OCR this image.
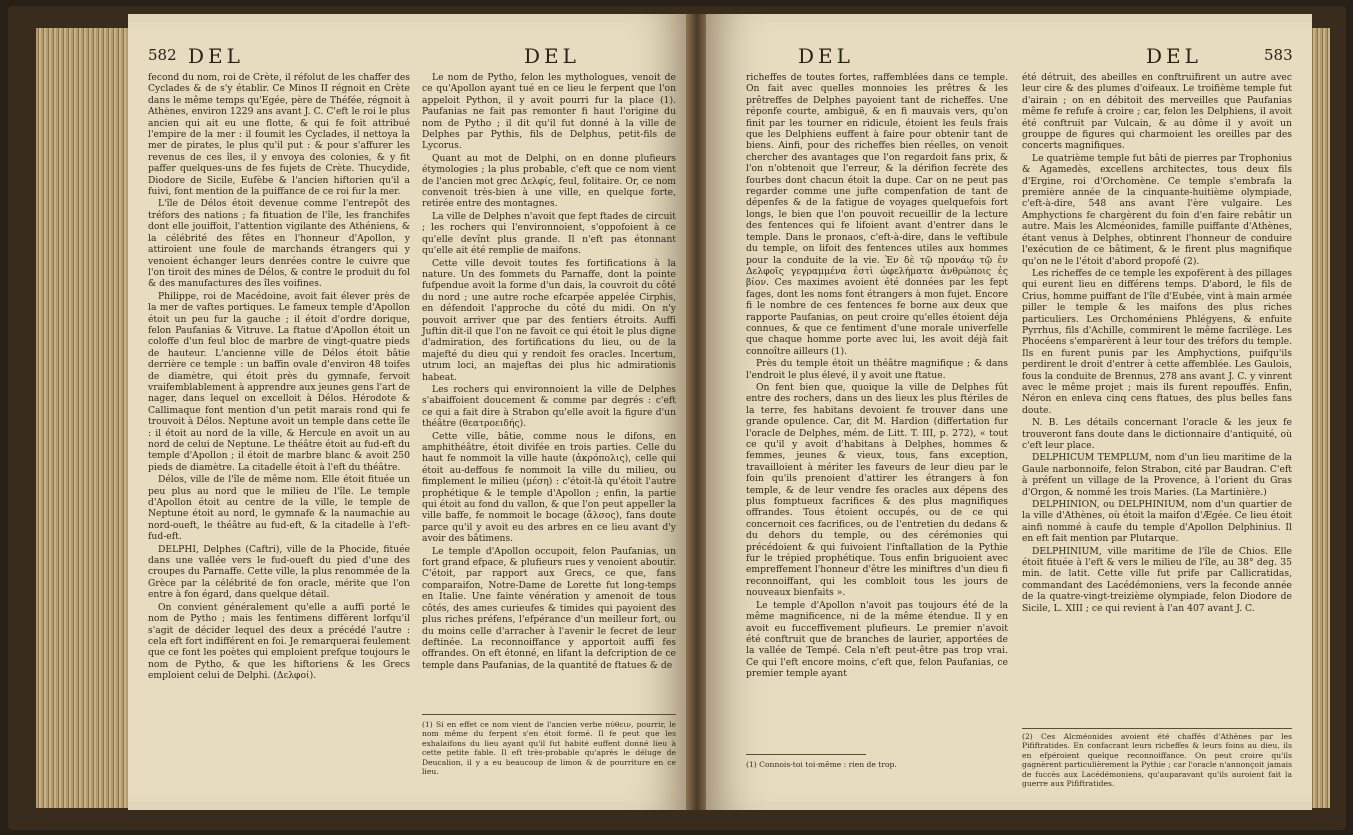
582 DEL	DEL

fecond du nom, roi de Crète, il réfolut de les chaffer des Cyclades & de s'y établir. Ce Minos II régnoit en Crète dans le même temps qu'Egée, père de Théfée, régnoit à Athènes, environ 1229 ans avant J. C. C'eft le roi le plus ancien qui ait eu une flotte, & qui fe foit attribué l'empire de la mer : il foumit les Cyclades, il nettoya la mer de pirates, le plus qu'il put : & pour s'affurer les revenus de ces îles, il y envoya des colonies, & y fit paffer quelques-uns de fes fujets de Crète. Thucydide, Diodore de Sicile, Eufèbe & l'ancien hiftorien qu'il a fuivi, font mention de la puiffance de ce roi fur la mer.

L'île de Délos étoit devenue comme l'entrepôt des tréfors des nations ; fa fituation de l'île, les franchifes dont elle jouiffoit, l'attention vigilante des Athéniens, & la célébrité des fêtes en l'honneur d'Apollon, y attiroient une foule de marchands étrangers qui y venoient échanger leurs denrées contre le cuivre que l'on tiroit des mines de Délos, & contre le produit du fol & des manufactures des îles voifines.

Philippe, roi de Macédoine, avoit fait élever près de la mer de vaftes portiques. Le fameux temple d'Apollon étoit un peu fur la gauche ; il étoit d'ordre dorique, felon Paufanias & Vitruve. La ftatue d'Apollon étoit un coloffe d'un feul bloc de marbre de vingt-quatre pieds de hauteur. L'ancienne ville de Délos étoit bâtie derrière ce temple : un baffin ovale d'environ 48 toifes de diamètre, qui étoit près du gymnafe, fervoit vraifemblablement à apprendre aux jeunes gens l'art de nager, dans lequel on excelloit à Délos. Hérodote & Callimaque font mention d'un petit marais rond qui fe trouvoit à Délos. Neptune avoit un temple dans cette île : il étoit au nord de la ville, & Hercule en avoit un au nord de celui de Neptune. Le théâtre étoit au fud-eft du temple d'Apollon ; il étoit de marbre blanc & avoit 250 pieds de diamètre. La citadelle étoit à l'eft du théâtre.

Délos, ville de l'île de même nom. Elle étoit fituée un peu plus au nord que le milieu de l'île. Le temple d'Apollon étoit au centre de la ville, le temple de Neptune étoit au nord, le gymnafe & la naumachie au nord-oueft, le théâtre au fud-eft, & la citadelle à l'eft-fud-eft.

DELPHI, Delphes (Caftri), ville de la Phocide, fituée dans une vallée vers le fud-oueft du pied d'une des croupes du Parnaffe. Cette ville, la plus renommée de la Grèce par la célébrité de fon oracle, mérite que l'on entre à fon égard, dans quelque détail.

On convient généralement qu'elle a auffi porté le nom de Pytho ; mais les fentimens diffèrent lorfqu'il s'agit de décider lequel des deux a précédé l'autre : cela eft fort indifférent en foi. Je remarquerai feulement que ce font les poètes qui emploient prefque toujours le nom de Pytho, & que les hiftoriens & les Grecs emploient celui de Delphi. (Δελφοί).

Le nom de Pytho, felon les mythologues, venoit de ce qu'Apollon ayant tué en ce lieu le ferpent que l'on appeloit Python, il y avoit pourri fur la place (1). Paufanias ne fait pas remonter fi haut l'origine du nom de Pytho ; il dit qu'il fut donné à la ville de Delphes par Pythis, fils de Delphus, petit-fils de Lycorus.

Quant au mot de Delphi, on en donne plufieurs étymologies ; la plus probable, c'eft que ce nom vient de l'ancien mot grec Δελφίς, feul, folitaire. Or, ce nom convenoit très-bien à une ville, en quelque forte, retirée entre des montagnes.

La ville de Delphes n'avoit que fept ftades de circuit ; les rochers qui l'environnoient, s'oppofoient à ce qu'elle devînt plus grande. Il n'eft pas étonnant qu'elle ait été remplie de maifons.

Cette ville devoit toutes fes fortifications à la nature. Un des fommets du Parnaffe, dont la pointe fufpendue avoit la forme d'un dais, la couvroit du côté du nord ; une autre roche efcarpée appelée Cirphis, en défendoit l'approche du côté du midi. On n'y pouvoit arriver que par des fentiers étroits. Auffi Juftin dit-il que l'on ne favoit ce qui étoit le plus digne d'admiration, des fortifications du lieu, ou de la majefté du dieu qui y rendoit fes oracles. Incertum, utrum loci, an majeftas dei plus hic admirationis habeat.

Les rochers qui environnoient la ville de Delphes s'abaiffoient doucement & comme par degrés : c'eft ce qui a fait dire à Strabon qu'elle avoit la figure d'un théâtre (θεατροειδής).

Cette ville, bâtie, comme nous le difons, en amphithéâtre, étoit divifée en trois parties. Celle du haut fe nommoit la ville haute (ἀκρόπολις), celle qui étoit au-deffous fe nommoit la ville du milieu, ou fimplement le milieu (μέση) : c'étoit-là qu'étoit l'autre prophétique & le temple d'Apollon ; enfin, la partie qui étoit au fond du vallon, & que l'on peut appeller la ville baffe, fe nommoit le bocage (ἄλσος), fans doute parce qu'il y avoit eu des arbres en ce lieu avant d'y avoir des bâtimens.

Le temple d'Apollon occupoit, felon Paufanias, un fort grand efpace, & plufieurs rues y venoient aboutir. C'étoit, par rapport aux Grecs, ce que, fans comparaifon, Notre-Dame de Lorette fut long-temps en Italie. Une fainte vénération y amenoit de tous côtés, des ames curieufes & timides qui payoient des plus riches préfens, l'efpérance d'un meilleur fort, ou du moins celle d'arracher à l'avenir le fecret de leur deftinée. La reconnoiffance y apportoit auffi fes offrandes. On eft étonné, en lifant la defcription de ce temple dans Paufanias, de la quantité de ftatues & de

(1) Si en effet ce nom vient de l'ancien verbe πύθειν, pourrir, le nom même du ferpent s'en étoit formé. Il fe peut que les exhalaifons du lieu ayant qu'il fut habité euffent donné lieu à cette petite fable. Il eft très-probable qu'après le déluge de Deucalion, il y a eu beaucoup de limon & de pourriture en ce lieu.
DEL	DEL	583

richeffes de toutes fortes, raffemblées dans ce temple. On fait avec quelles monnoies les prêtres & les prêtreffes de Delphes payoient tant de richeffes. Une réponfe courte, ambiguë, & en fi mauvais vers, qu'on finit par les tourner en ridicule, étoient les feuls frais que les Delphiens euffent à faire pour obtenir tant de biens. Ainfi, pour des richeffes bien réelles, on venoit chercher des avantages que l'on regardoit fans prix, & l'on n'obtenoit que l'erreur, & la dérifion fecrète des fourbes dont chacun étoit la dupe. Car on ne peut pas regarder comme une jufte compenfation de tant de dépenfes & de la fatigue de voyages quelquefois fort longs, le bien que l'on pouvoit recueillir de la lecture des fentences qui fe lifoient avant d'entrer dans le temple. Dans le pronaos, c'eft-à-dire, dans le veftibule du temple, on lifoit des fentences utiles aux hommes pour la conduite de la vie. Ἐν δὲ τῷ προνάῳ τῷ ἐν Δελφοῖς γεγραμμένα ἐστὶ ὠφελήματα ἀνθρώποις ἐς βίον. Ces maximes avoient été données par les fept fages, dont les noms font étrangers à mon fujet. Encore fi le nombre de ces fentences fe borne aux deux que rapporte Paufanias, on peut croire qu'elles étoient déja connues, & que ce fentiment d'une morale univerfelle que chaque homme porte avec lui, les avoit déjà fait connoître ailleurs (1).

Près du temple étoit un théâtre magnifique ; & dans l'endroit le plus élevé, il y avoit une ftatue.

On fent bien que, quoique la ville de Delphes fût entre des rochers, dans un des lieux les plus ftériles de la terre, fes habitans devoient fe trouver dans une grande opulence. Car, dit M. Hardion (differtation fur l'oracle de Delphes, mém. de Litt. T. III, p. 272), « tout ce qu'il y avoit d'habitans à Delphes, hommes & femmes, jeunes & vieux, tous, fans exception, travailloient à mériter les faveurs de leur dieu par le foin qu'ils prenoient d'attirer les étrangers à fon temple, & de leur vendre fes oracles aux dépens des plus fomptueux facrifices & des plus magnifiques offrandes. Tous étoient occupés, ou de ce qui concernoit ces facrifices, ou de l'entretien du dedans & du dehors du temple, ou des cérémonies qui précédoient & qui fuivoient l'inftallation de la Pythie fur le trépied prophétique. Tous enfin briguoient avec empreffement l'honneur d'être les miniftres d'un dieu fi reconnoiffant, qui les combloit tous les jours de nouveaux bienfaits ».

Le temple d'Apollon n'avoit pas toujours été de la même magnificence, ni de la même étendue. Il y en avoit eu fucceffivement plufieurs. Le premier n'avoit été conftruit que de branches de laurier, apportées de la vallée de Tempé. Cela n'eft peut-être pas trop vrai. Ce qui l'eft encore moins, c'eft que, felon Paufanias, ce premier temple ayant

été détruit, des abeilles en conftruifirent un autre avec leur cire & des plumes d'oifeaux. Le troifième temple fut d'airain ; on en débitoit des merveilles que Paufanias même fe refufe à croire ; car, felon les Delphiens, il avoit été conftruit par Vulcain, & au dôme il y avoit un grouppe de figures qui charmoient les oreilles par des concerts magnifiques.

Le quatrième temple fut bâti de pierres par Trophonius & Agamedès, excellens architectes, tous deux fils d'Ergine, roi d'Orchomène. Ce temple s'embrafa la première année de la cinquante-huitième olympiade, c'eft-à-dire, 548 ans avant l'ère vulgaire. Les Amphyctions fe chargèrent du foin d'en faire rebâtir un autre. Mais les Alcméonides, famille puiffante d'Athènes, étant venus à Delphes, obtinrent l'honneur de conduire l'exécution de ce bâtiment, & le firent plus magnifique qu'on ne le l'étoit d'abord propofé (2).

Les richeffes de ce temple les expofèrent à des pillages qui eurent lieu en différens temps. D'abord, le fils de Crius, homme puiffant de l'île d'Eubée, vint à main armée piller le temple & les maifons des plus riches particuliers. Les Orchoméniens Phlégyens, & enfuite Pyrrhus, fils d'Achille, commirent le même facrilège. Les Phocéens s'emparèrent à leur tour des tréfors du temple. Ils en furent punis par les Amphyctions, puifqu'ils perdirent le droit d'entrer à cette affemblée. Les Gaulois, fous la conduite de Brennus, 278 ans avant J. C. y vinrent avec le même projet ; mais ils furent repouffés. Enfin, Néron en enleva cinq cens ftatues, des plus belles fans doute.

N. B. Les détails concernant l'oracle & les jeux fe trouveront fans doute dans le dictionnaire d'antiquité, où c'eft leur place.

DELPHICUM TEMPLUM, nom d'un lieu maritime de la Gaule narbonnoife, felon Strabon, cité par Baudran. C'eft à préfent un village de la Provence, à l'orient du Gras d'Orgon, & nommé les trois Maries. (La Martinière.)

DELPHINION, ou DELPHINIUM, nom d'un quartier de la ville d'Athènes, où étoit la maifon d'Ægée. Ce lieu étoit ainfi nommé à caufe du temple d'Apollon Delphinius. Il en eft fait mention par Plutarque.

DELPHINIUM, ville maritime de l'île de Chios. Elle étoit fituée à l'eft & vers le milieu de l'île, au 38° deg. 35 min. de latit. Cette ville fut prife par Callicratidas, commandant des Lacédémoniens, vers la feconde année de la quatre-vingt-treizième olympiade, felon Diodore de Sicile, L. XIII ; ce qui revient à l'an 407 avant J. C.

(1) Connois-toi toi-même : rien de trop.
(2) Ces Alcméonides avoient été chaffés d'Athènes par les Pififtratides. En confacrant leurs richeffes & leurs foins au dieu, ils en efpéroient quelque reconnoiffance. On peut croire qu'ils gagnèrent particulièrement la Pythie ; car l'oracle n'annonçoit jamais de fuccès aux Lacédémoniens, qu'auparavant qu'ils auroient fait la guerre aux Pififtratides.
